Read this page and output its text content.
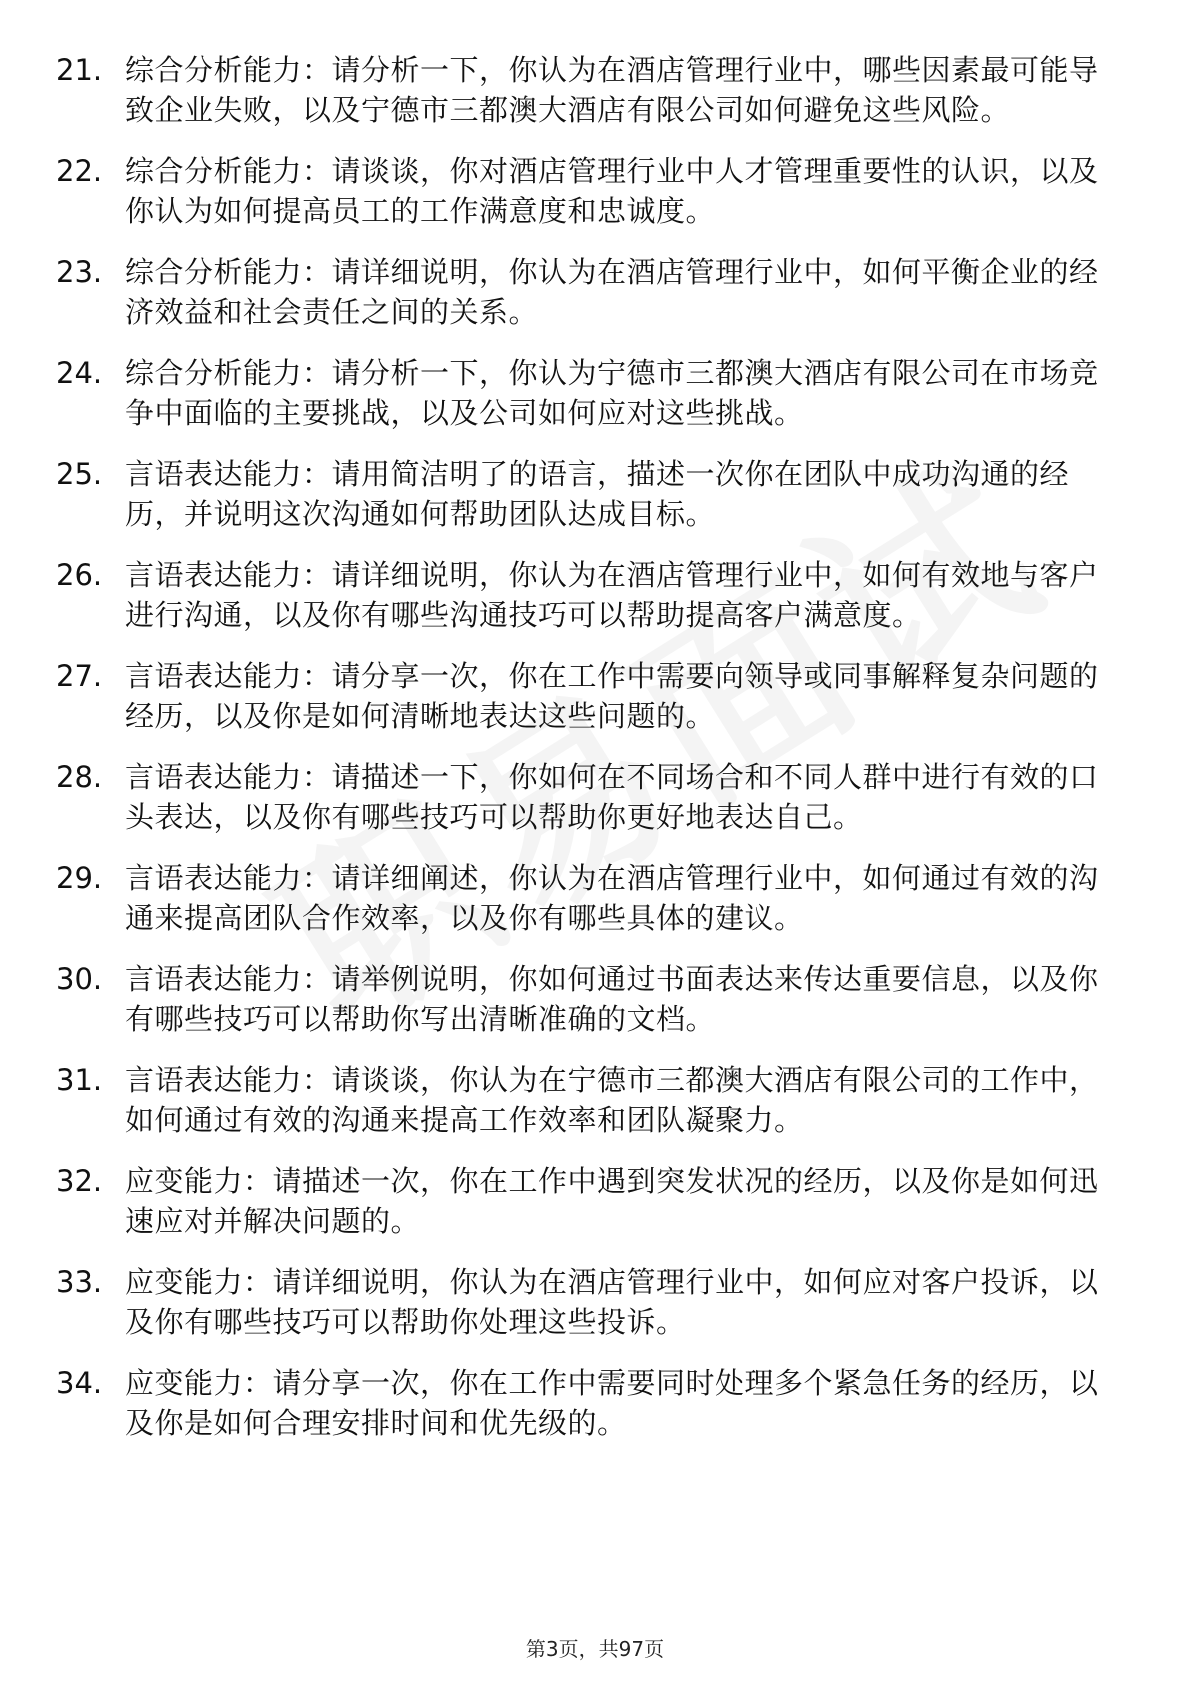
21. 综合分析能力：请分析一下，你认为在酒店管理行业中，哪些因素最可能导致企业失败，以及宁德市三都澳大酒店有限公司如何避免这些风险。
22. 综合分析能力：请谈谈，你对酒店管理行业中人才管理重要性的认识，以及你认为如何提高员工的工作满意度和忠诚度。
23. 综合分析能力：请详细说明，你认为在酒店管理行业中，如何平衡企业的经济效益和社会责任之间的关系。
24. 综合分析能力：请分析一下，你认为宁德市三都澳大酒店有限公司在市场竞争中面临的主要挑战，以及公司如何应对这些挑战。
25. 言语表达能力：请用简洁明了的语言，描述一次你在团队中成功沟通的经历，并说明这次沟通如何帮助团队达成目标。
26. 言语表达能力：请详细说明，你认为在酒店管理行业中，如何有效地与客户进行沟通，以及你有哪些沟通技巧可以帮助提高客户满意度。
27. 言语表达能力：请分享一次，你在工作中需要向领导或同事解释复杂问题的经历，以及你是如何清晰地表达这些问题的。
28. 言语表达能力：请描述一下，你如何在不同场合和不同人群中进行有效的口头表达，以及你有哪些技巧可以帮助你更好地表达自己。
29. 言语表达能力：请详细阐述，你认为在酒店管理行业中，如何通过有效的沟通来提高团队合作效率，以及你有哪些具体的建议。
30. 言语表达能力：请举例说明，你如何通过书面表达来传达重要信息，以及你有哪些技巧可以帮助你写出清晰准确的文档。
31. 言语表达能力：请谈谈，你认为在宁德市三都澳大酒店有限公司的工作中，如何通过有效的沟通来提高工作效率和团队凝聚力。
32. 应变能力：请描述一次，你在工作中遇到突发状况的经历，以及你是如何迅速应对并解决问题的。
33. 应变能力：请详细说明，你认为在酒店管理行业中，如何应对客户投诉，以及你有哪些技巧可以帮助你处理这些投诉。
34. 应变能力：请分享一次，你在工作中需要同时处理多个紧急任务的经历，以及你是如何合理安排时间和优先级的。
第3页，共97页
